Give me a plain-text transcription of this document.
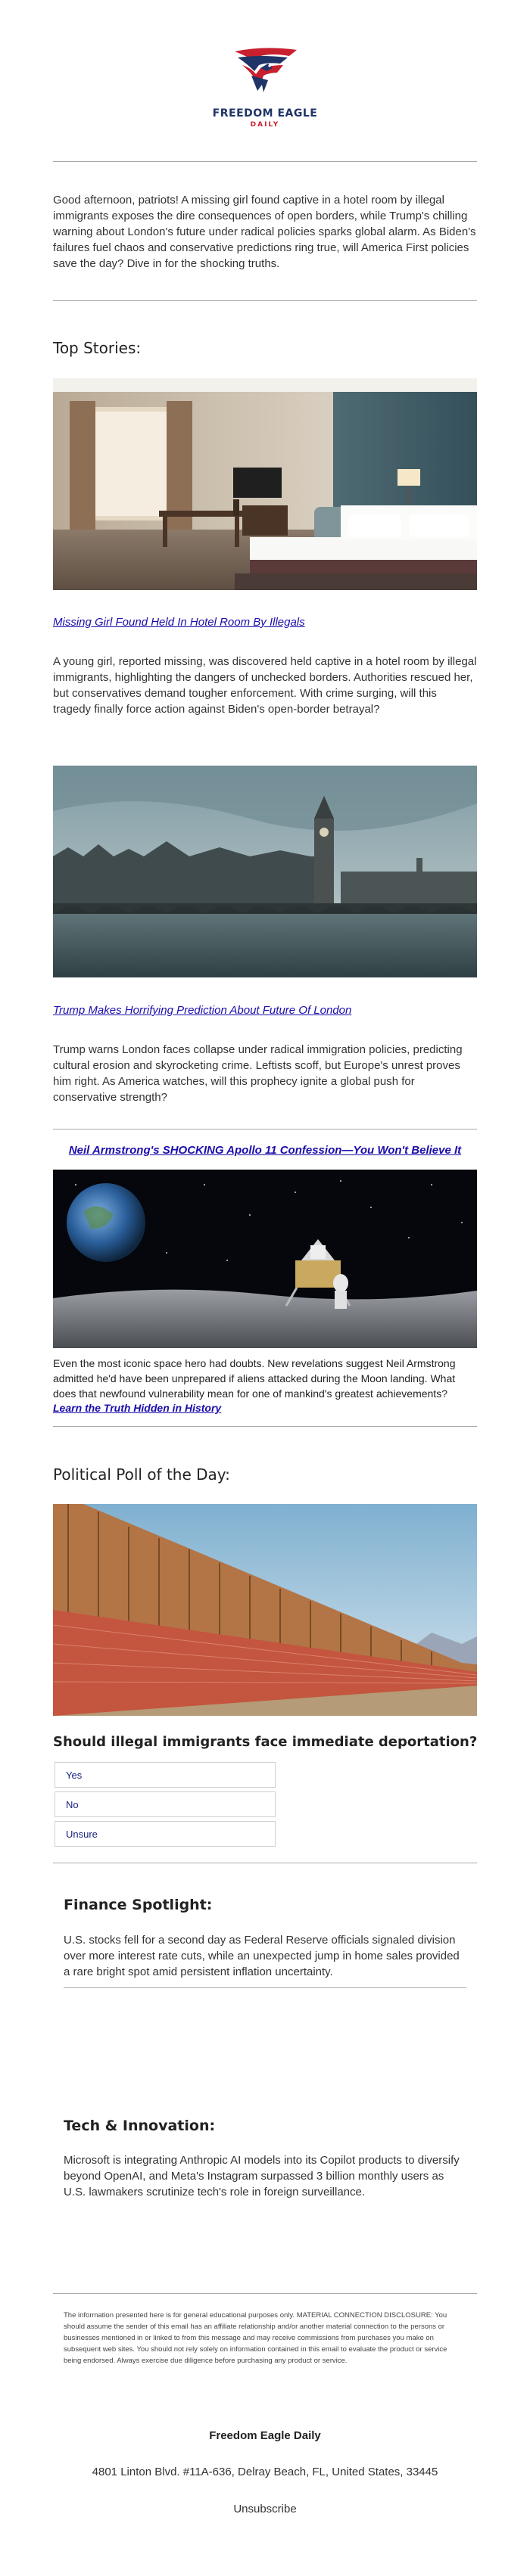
FREEDOM EAGLE
DAILY

Good afternoon, patriots! A missing girl found captive in a hotel room by illegal immigrants exposes the dire consequences of open borders, while Trump's chilling warning about London's future under radical policies sparks global alarm. As Biden's failures fuel chaos and conservative predictions ring true, will America First policies save the day? Dive in for the shocking truths.

Top Stories:
Missing Girl Found Held In Hotel Room By Illegals

A young girl, reported missing, was discovered held captive in a hotel room by illegal immigrants, highlighting the dangers of unchecked borders. Authorities rescued her, but conservatives demand tougher enforcement. With crime surging, will this tragedy finally force action against Biden's open-border betrayal?

Trump Makes Horrifying Prediction About Future Of London

Trump warns London faces collapse under radical immigration policies, predicting cultural erosion and skyrocketing crime. Leftists scoff, but Europe's unrest proves him right. As America watches, will this prophecy ignite a global push for conservative strength?

Neil Armstrong's SHOCKING Apollo 11 Confession—You Won't Believe It

Even the most iconic space hero had doubts. New revelations suggest Neil Armstrong admitted he'd have been unprepared if aliens attacked during the Moon landing. What does that newfound vulnerability mean for one of mankind's greatest achievements?

Learn the Truth Hidden in History
Political Poll of the Day:
Should illegal immigrants face immediate deportation?
Yes
No
Unsure
Finance Spotlight:

U.S. stocks fell for a second day as Federal Reserve officials signaled division over more interest rate cuts, while an unexpected jump in home sales provided a rare bright spot amid persistent inflation uncertainty.

Tech & Innovation:

Microsoft is integrating Anthropic AI models into its Copilot products to diversify beyond OpenAI, and Meta's Instagram surpassed 3 billion monthly users as U.S. lawmakers scrutinize tech's role in foreign surveillance.

The information presented here is for general educational purposes only. MATERIAL CONNECTION DISCLOSURE: You should assume the sender of this email has an affiliate relationship and/or another material connection to the persons or businesses mentioned in or linked to from this message and may receive commissions from purchases you make on subsequent web sites. You should not rely solely on information contained in this email to evaluate the product or service being endorsed. Always exercise due diligence before purchasing any product or service.

Freedom Eagle Daily
4801 Linton Blvd. #11A-636, Delray Beach, FL, United States, 33445
Unsubscribe
